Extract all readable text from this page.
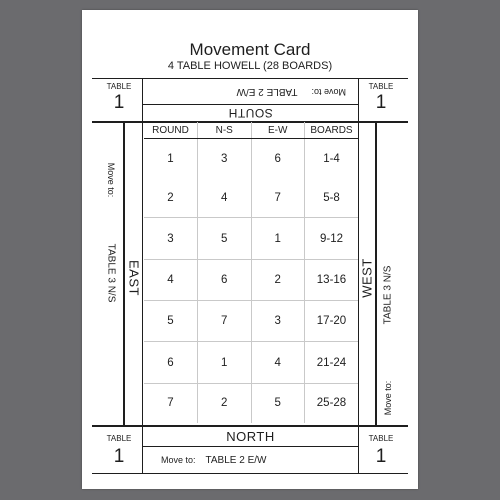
Movement Card
4 TABLE HOWELL (28 BOARDS)
TABLE
1
TABLE
1
TABLE
1
TABLE
1
Move to:
TABLE 2 E/W
SOUTH
NORTH
Move to: TABLE 2 E/W
Move to:
TABLE 3 N/S EAST	WEST TABLE 3 N/S
Move to:
ROUND	N-S	E-W	BOARDS
1	3	6	1-4
2	4	7	5-8
3	5	1	9-12
4	6	2	13-16
5	7	3	17-20
6	1	4	21-24
7	2	5	25-28
